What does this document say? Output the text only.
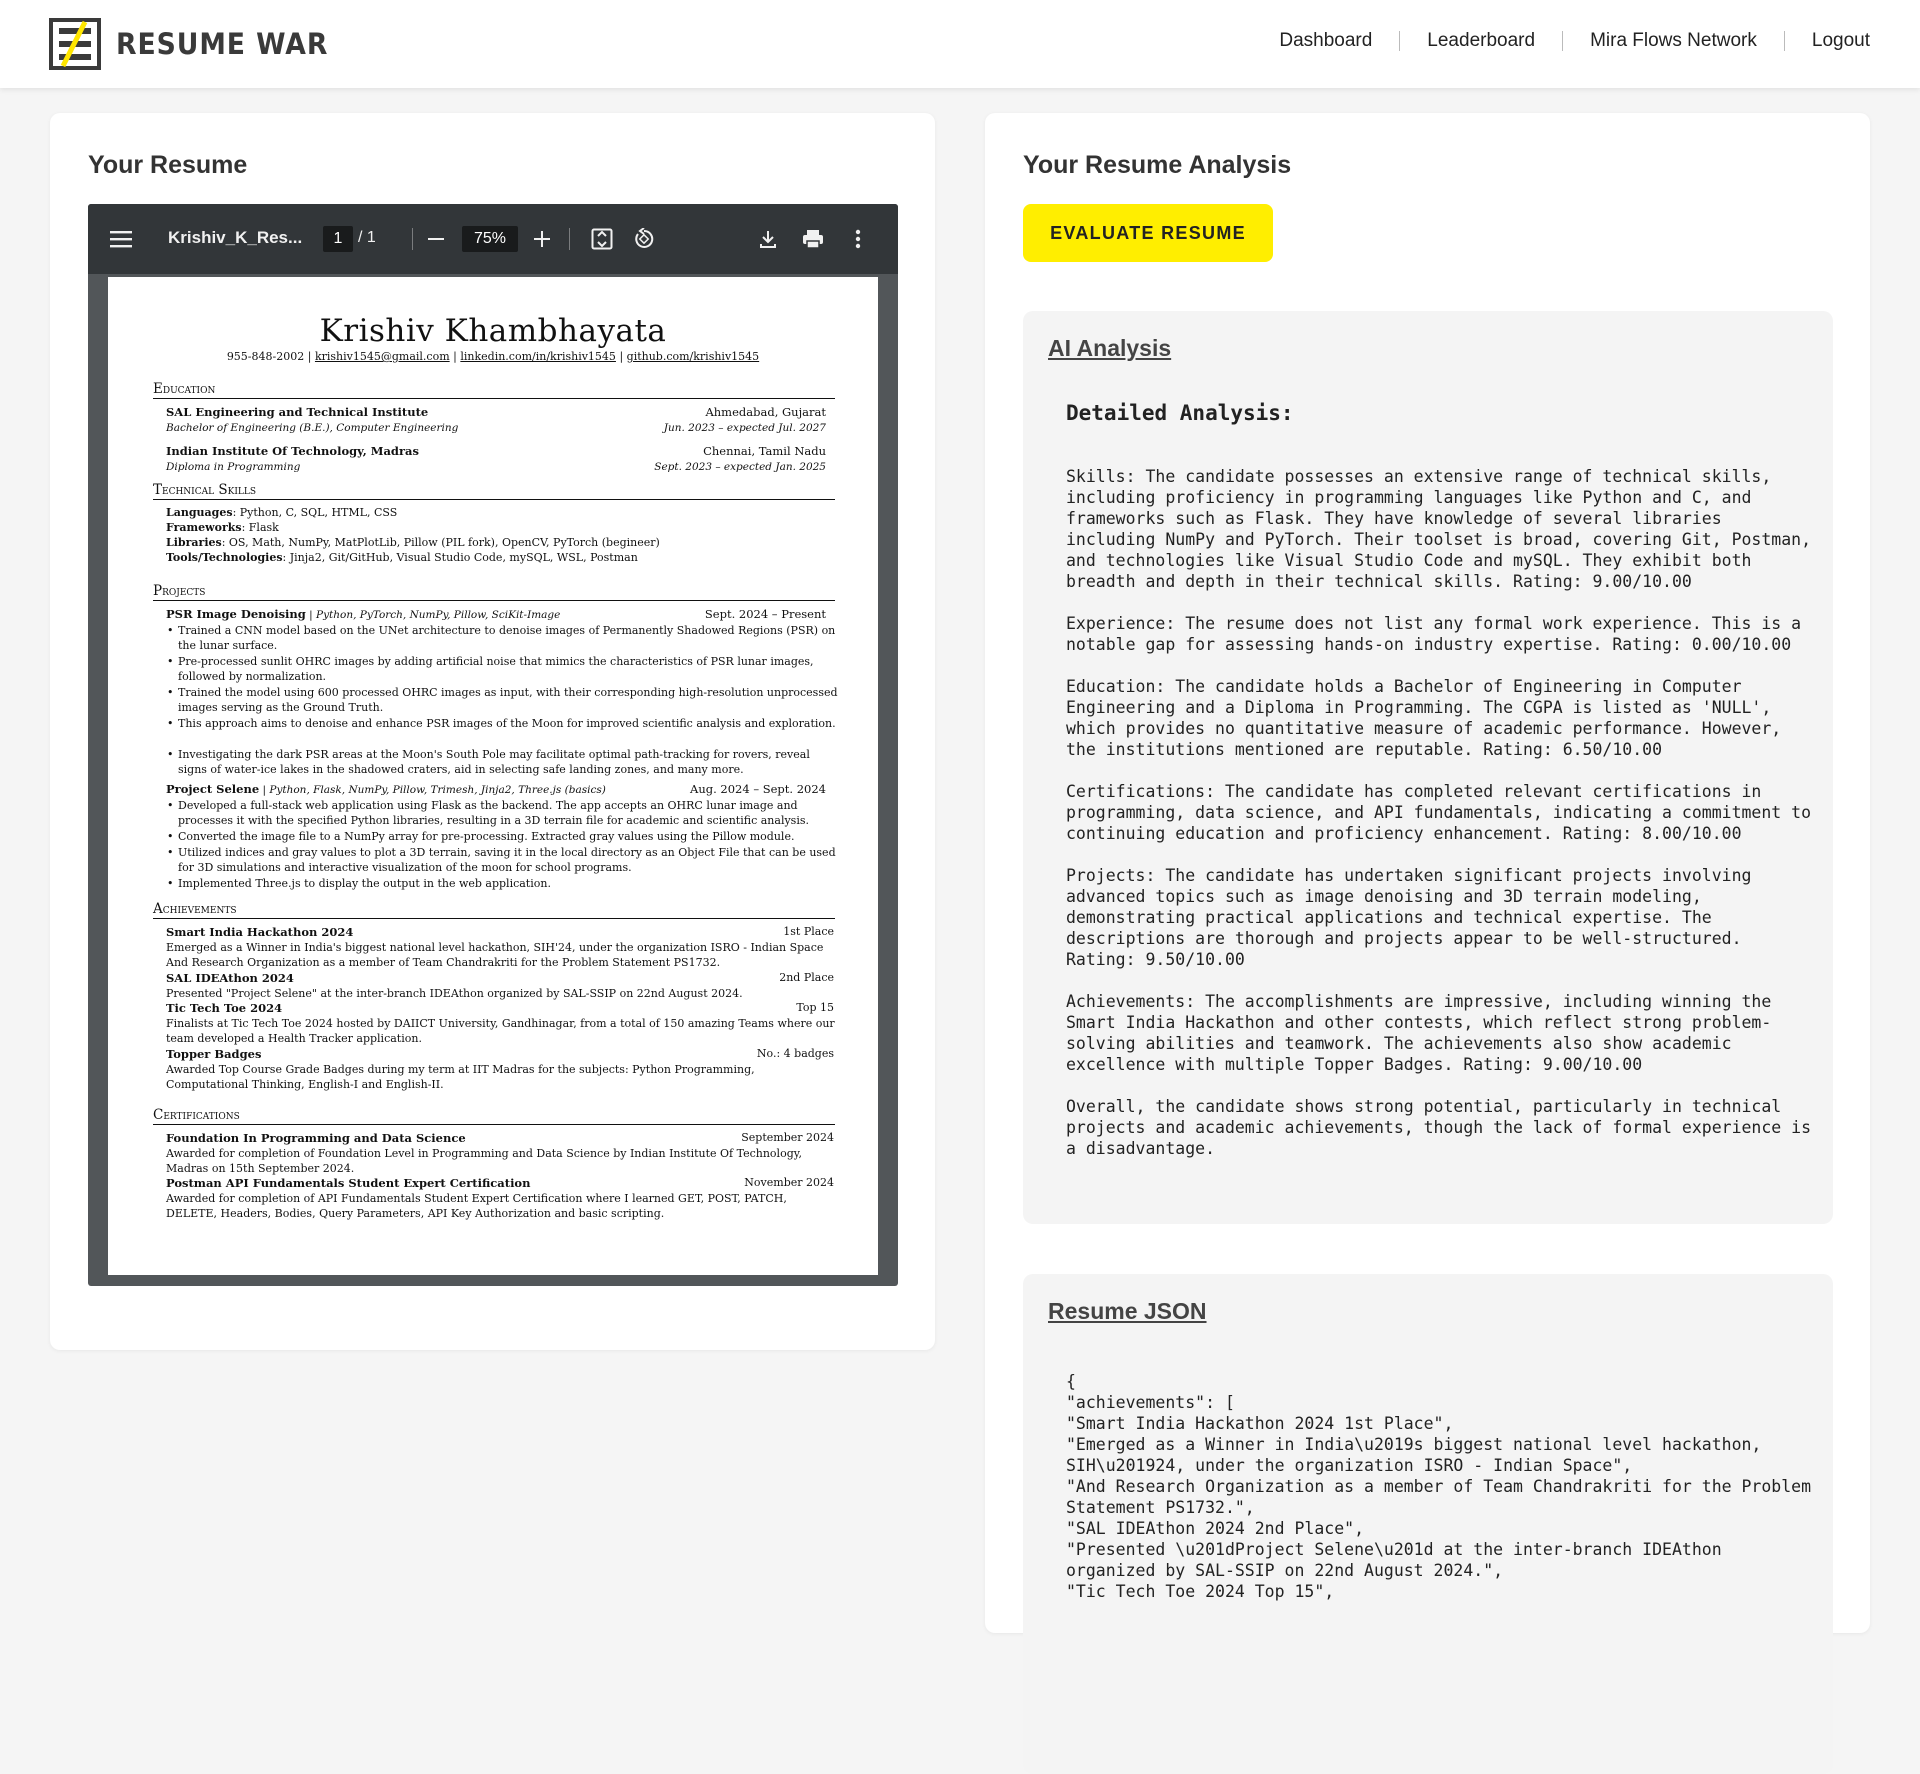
RESUME WAR	Dashboard	Leaderboard	Mira Flows Network	Logout
Your Resume
Krishiv_K_Res...	1 / 1	75%
Krishiv Khambhayata
955-848-2002 | krishiv1545@gmail.com | linkedin.com/in/krishiv1545 | github.com/krishiv1545
Education
SAL Engineering and Technical Institute	Ahmedabad, Gujarat
Bachelor of Engineering (B.E.), Computer Engineering	Jun. 2023 – expected Jul. 2027
Indian Institute Of Technology, Madras	Chennai, Tamil Nadu
Diploma in Programming	Sept. 2023 – expected Jan. 2025
Technical Skills
Languages: Python, C, SQL, HTML, CSS
Frameworks: Flask
Libraries: OS, Math, NumPy, MatPlotLib, Pillow (PIL fork), OpenCV, PyTorch (begineer)
Tools/Technologies: Jinja2, Git/GitHub, Visual Studio Code, mySQL, WSL, Postman
Projects
PSR Image Denoising | Python, PyTorch, NumPy, Pillow, SciKit-Image	Sept. 2024 – Present
• Trained a CNN model based on the UNet architecture to denoise images of Permanently Shadowed Regions (PSR) on the lunar surface.
• Pre-processed sunlit OHRC images by adding artificial noise that mimics the characteristics of PSR lunar images, followed by normalization.
• Trained the model using 600 processed OHRC images as input, with their corresponding high-resolution unprocessed images serving as the Ground Truth.
• This approach aims to denoise and enhance PSR images of the Moon for improved scientific analysis and exploration.
• Investigating the dark PSR areas at the Moon's South Pole may facilitate optimal path-tracking for rovers, reveal signs of water-ice lakes in the shadowed craters, aid in selecting safe landing zones, and many more.
Project Selene | Python, Flask, NumPy, Pillow, Trimesh, Jinja2, Three.js (basics)	Aug. 2024 – Sept. 2024
• Developed a full-stack web application using Flask as the backend. The app accepts an OHRC lunar image and processes it with the specified Python libraries, resulting in a 3D terrain file for academic and scientific analysis.
• Converted the image file to a NumPy array for pre-processing. Extracted gray values using the Pillow module.
• Utilized indices and gray values to plot a 3D terrain, saving it in the local directory as an Object File that can be used for 3D simulations and interactive visualization of the moon for school programs.
• Implemented Three.js to display the output in the web application.
Achievements
Smart India Hackathon 2024	1st Place
Emerged as a Winner in India's biggest national level hackathon, SIH'24, under the organization ISRO - Indian Space And Research Organization as a member of Team Chandrakriti for the Problem Statement PS1732.
SAL IDEAthon 2024	2nd Place
Presented "Project Selene" at the inter-branch IDEAthon organized by SAL-SSIP on 22nd August 2024.
Tic Tech Toe 2024	Top 15
Finalists at Tic Tech Toe 2024 hosted by DAIICT University, Gandhinagar, from a total of 150 amazing Teams where our team developed a Health Tracker application.
Topper Badges	No.: 4 badges
Awarded Top Course Grade Badges during my term at IIT Madras for the subjects: Python Programming, Computational Thinking, English-I and English-II.
Certifications
Foundation In Programming and Data Science	September 2024
Awarded for completion of Foundation Level in Programming and Data Science by Indian Institute Of Technology, Madras on 15th September 2024.
Postman API Fundamentals Student Expert Certification	November 2024
Awarded for completion of API Fundamentals Student Expert Certification where I learned GET, POST, PATCH, DELETE, Headers, Bodies, Query Parameters, API Key Authorization and basic scripting.
Your Resume Analysis
EVALUATE RESUME
AI Analysis
Detailed Analysis:
Skills: The candidate possesses an extensive range of technical skills,
including proficiency in programming languages like Python and C, and
frameworks such as Flask. They have knowledge of several libraries
including NumPy and PyTorch. Their toolset is broad, covering Git, Postman,
and technologies like Visual Studio Code and mySQL. They exhibit both
breadth and depth in their technical skills. Rating: 9.00/10.00

Experience: The resume does not list any formal work experience. This is a
notable gap for assessing hands-on industry expertise. Rating: 0.00/10.00

Education: The candidate holds a Bachelor of Engineering in Computer
Engineering and a Diploma in Programming. The CGPA is listed as 'NULL',
which provides no quantitative measure of academic performance. However,
the institutions mentioned are reputable. Rating: 6.50/10.00

Certifications: The candidate has completed relevant certifications in
programming, data science, and API fundamentals, indicating a commitment to
continuing education and proficiency enhancement. Rating: 8.00/10.00

Projects: The candidate has undertaken significant projects involving
advanced topics such as image denoising and 3D terrain modeling,
demonstrating practical applications and technical expertise. The
descriptions are thorough and projects appear to be well-structured.
Rating: 9.50/10.00

Achievements: The accomplishments are impressive, including winning the
Smart India Hackathon and other contests, which reflect strong problem-
solving abilities and teamwork. The achievements also show academic
excellence with multiple Topper Badges. Rating: 9.00/10.00

Overall, the candidate shows strong potential, particularly in technical
projects and academic achievements, though the lack of formal experience is
a disadvantage.
Resume JSON
{
"achievements": [
"Smart India Hackathon 2024 1st Place",
"Emerged as a Winner in India\u2019s biggest national level hackathon,
SIH\u201924, under the organization ISRO - Indian Space",
"And Research Organization as a member of Team Chandrakriti for the Problem
Statement PS1732.",
"SAL IDEAthon 2024 2nd Place",
"Presented \u201dProject Selene\u201d at the inter-branch IDEAthon
organized by SAL-SSIP on 22nd August 2024.",
"Tic Tech Toe 2024 Top 15",
